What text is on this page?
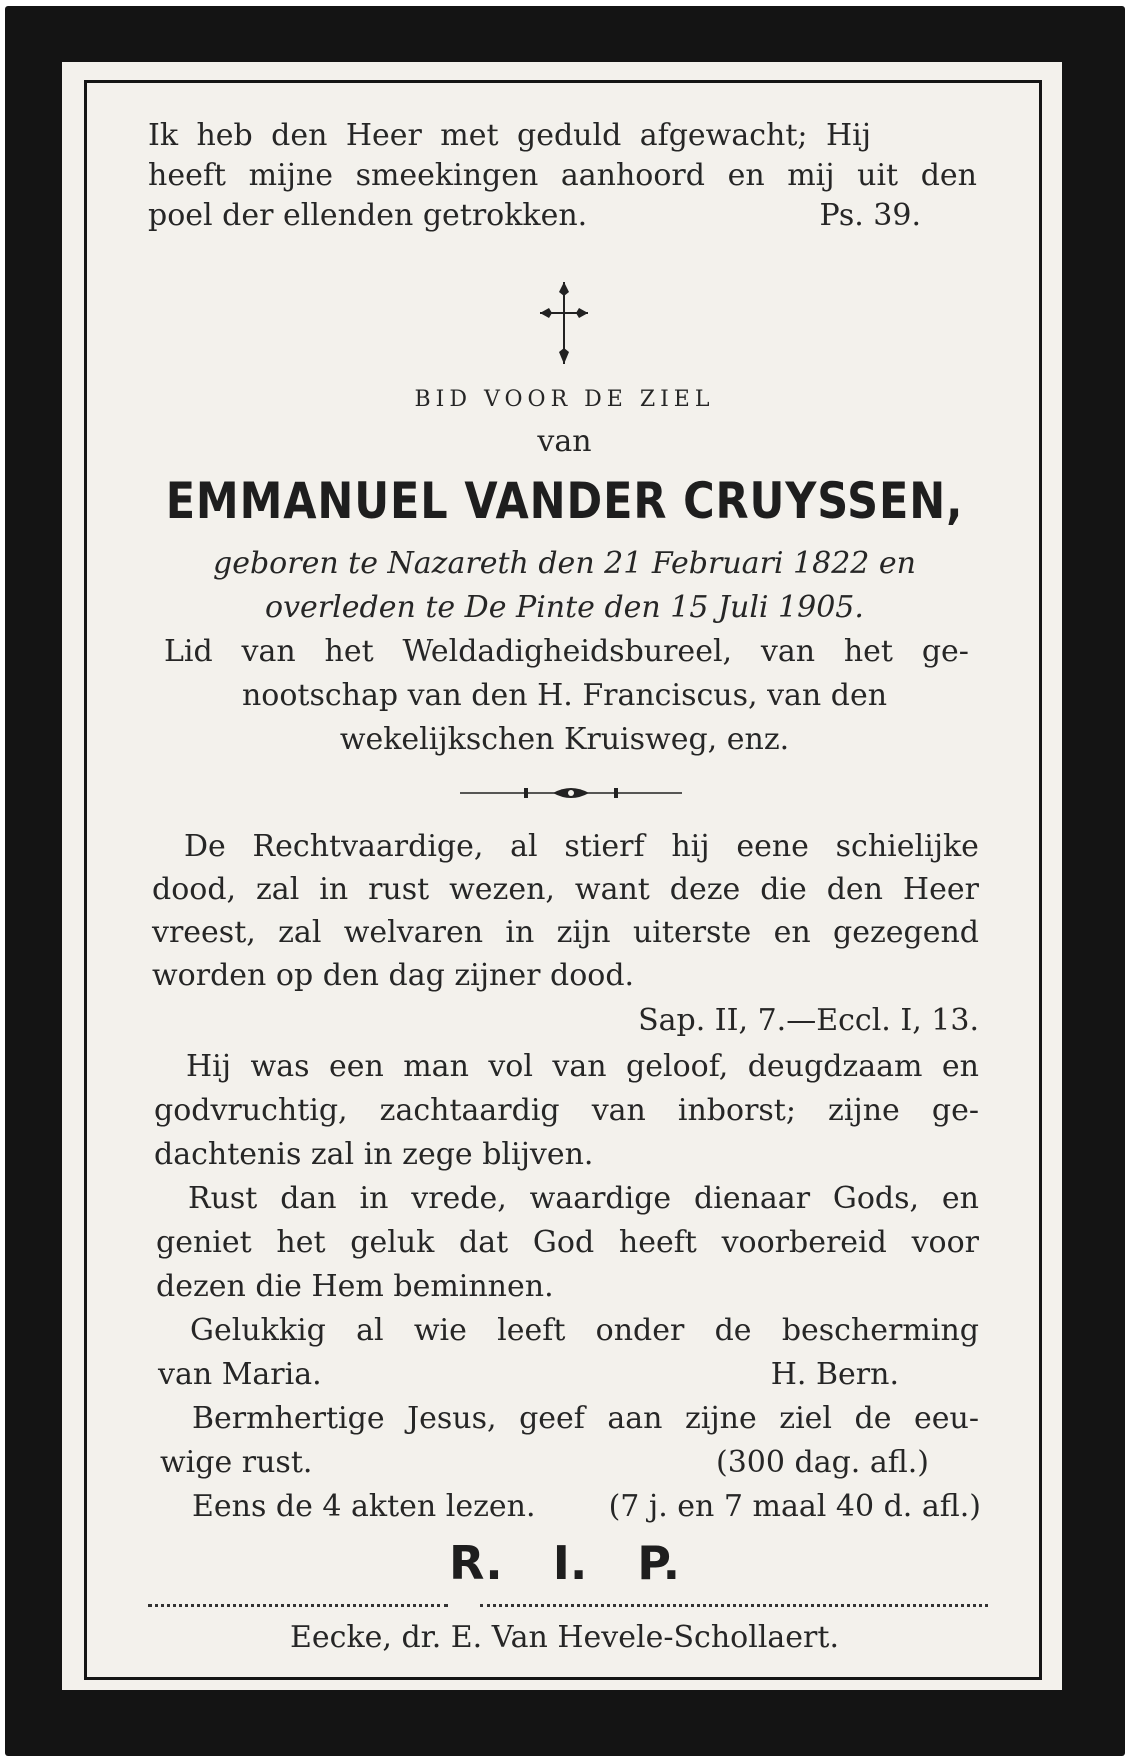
Ik heb den Heer met geduld afgewacht; Hij
heeft mijne smeekingen aanhoord en mij uit den
poel der ellenden getrokken.	Ps. 39.
BID VOOR DE ZIEL
van
EMMANUEL VANDER CRUYSSEN,
geboren te Nazareth den 21 Februari 1822 en
overleden te De Pinte den 15 Juli 1905.
Lid van het Weldadigheidsbureel, van het ge-
nootschap van den H. Franciscus, van den
wekelijkschen Kruisweg, enz.
De Rechtvaardige, al stierf hij eene schielijke
dood, zal in rust wezen, want deze die den Heer
vreest, zal welvaren in zijn uiterste en gezegend
worden op den dag zijner dood.
Sap. II, 7.—Eccl. I, 13.
Hij was een man vol van geloof, deugdzaam en
godvruchtig, zachtaardig van inborst; zijne ge-
dachtenis zal in zege blijven.
Rust dan in vrede, waardige dienaar Gods, en
geniet het geluk dat God heeft voorbereid voor
dezen die Hem beminnen.
Gelukkig al wie leeft onder de bescherming
van Maria.	H. Bern.
Bermhertige Jesus, geef aan zijne ziel de eeu-
wige rust.	(300 dag. afl.)
Eens de 4 akten lezen.	(7 j. en 7 maal 40 d. afl.)
R. I. P.
Eecke, dr. E. Van Hevele-Schollaert.
